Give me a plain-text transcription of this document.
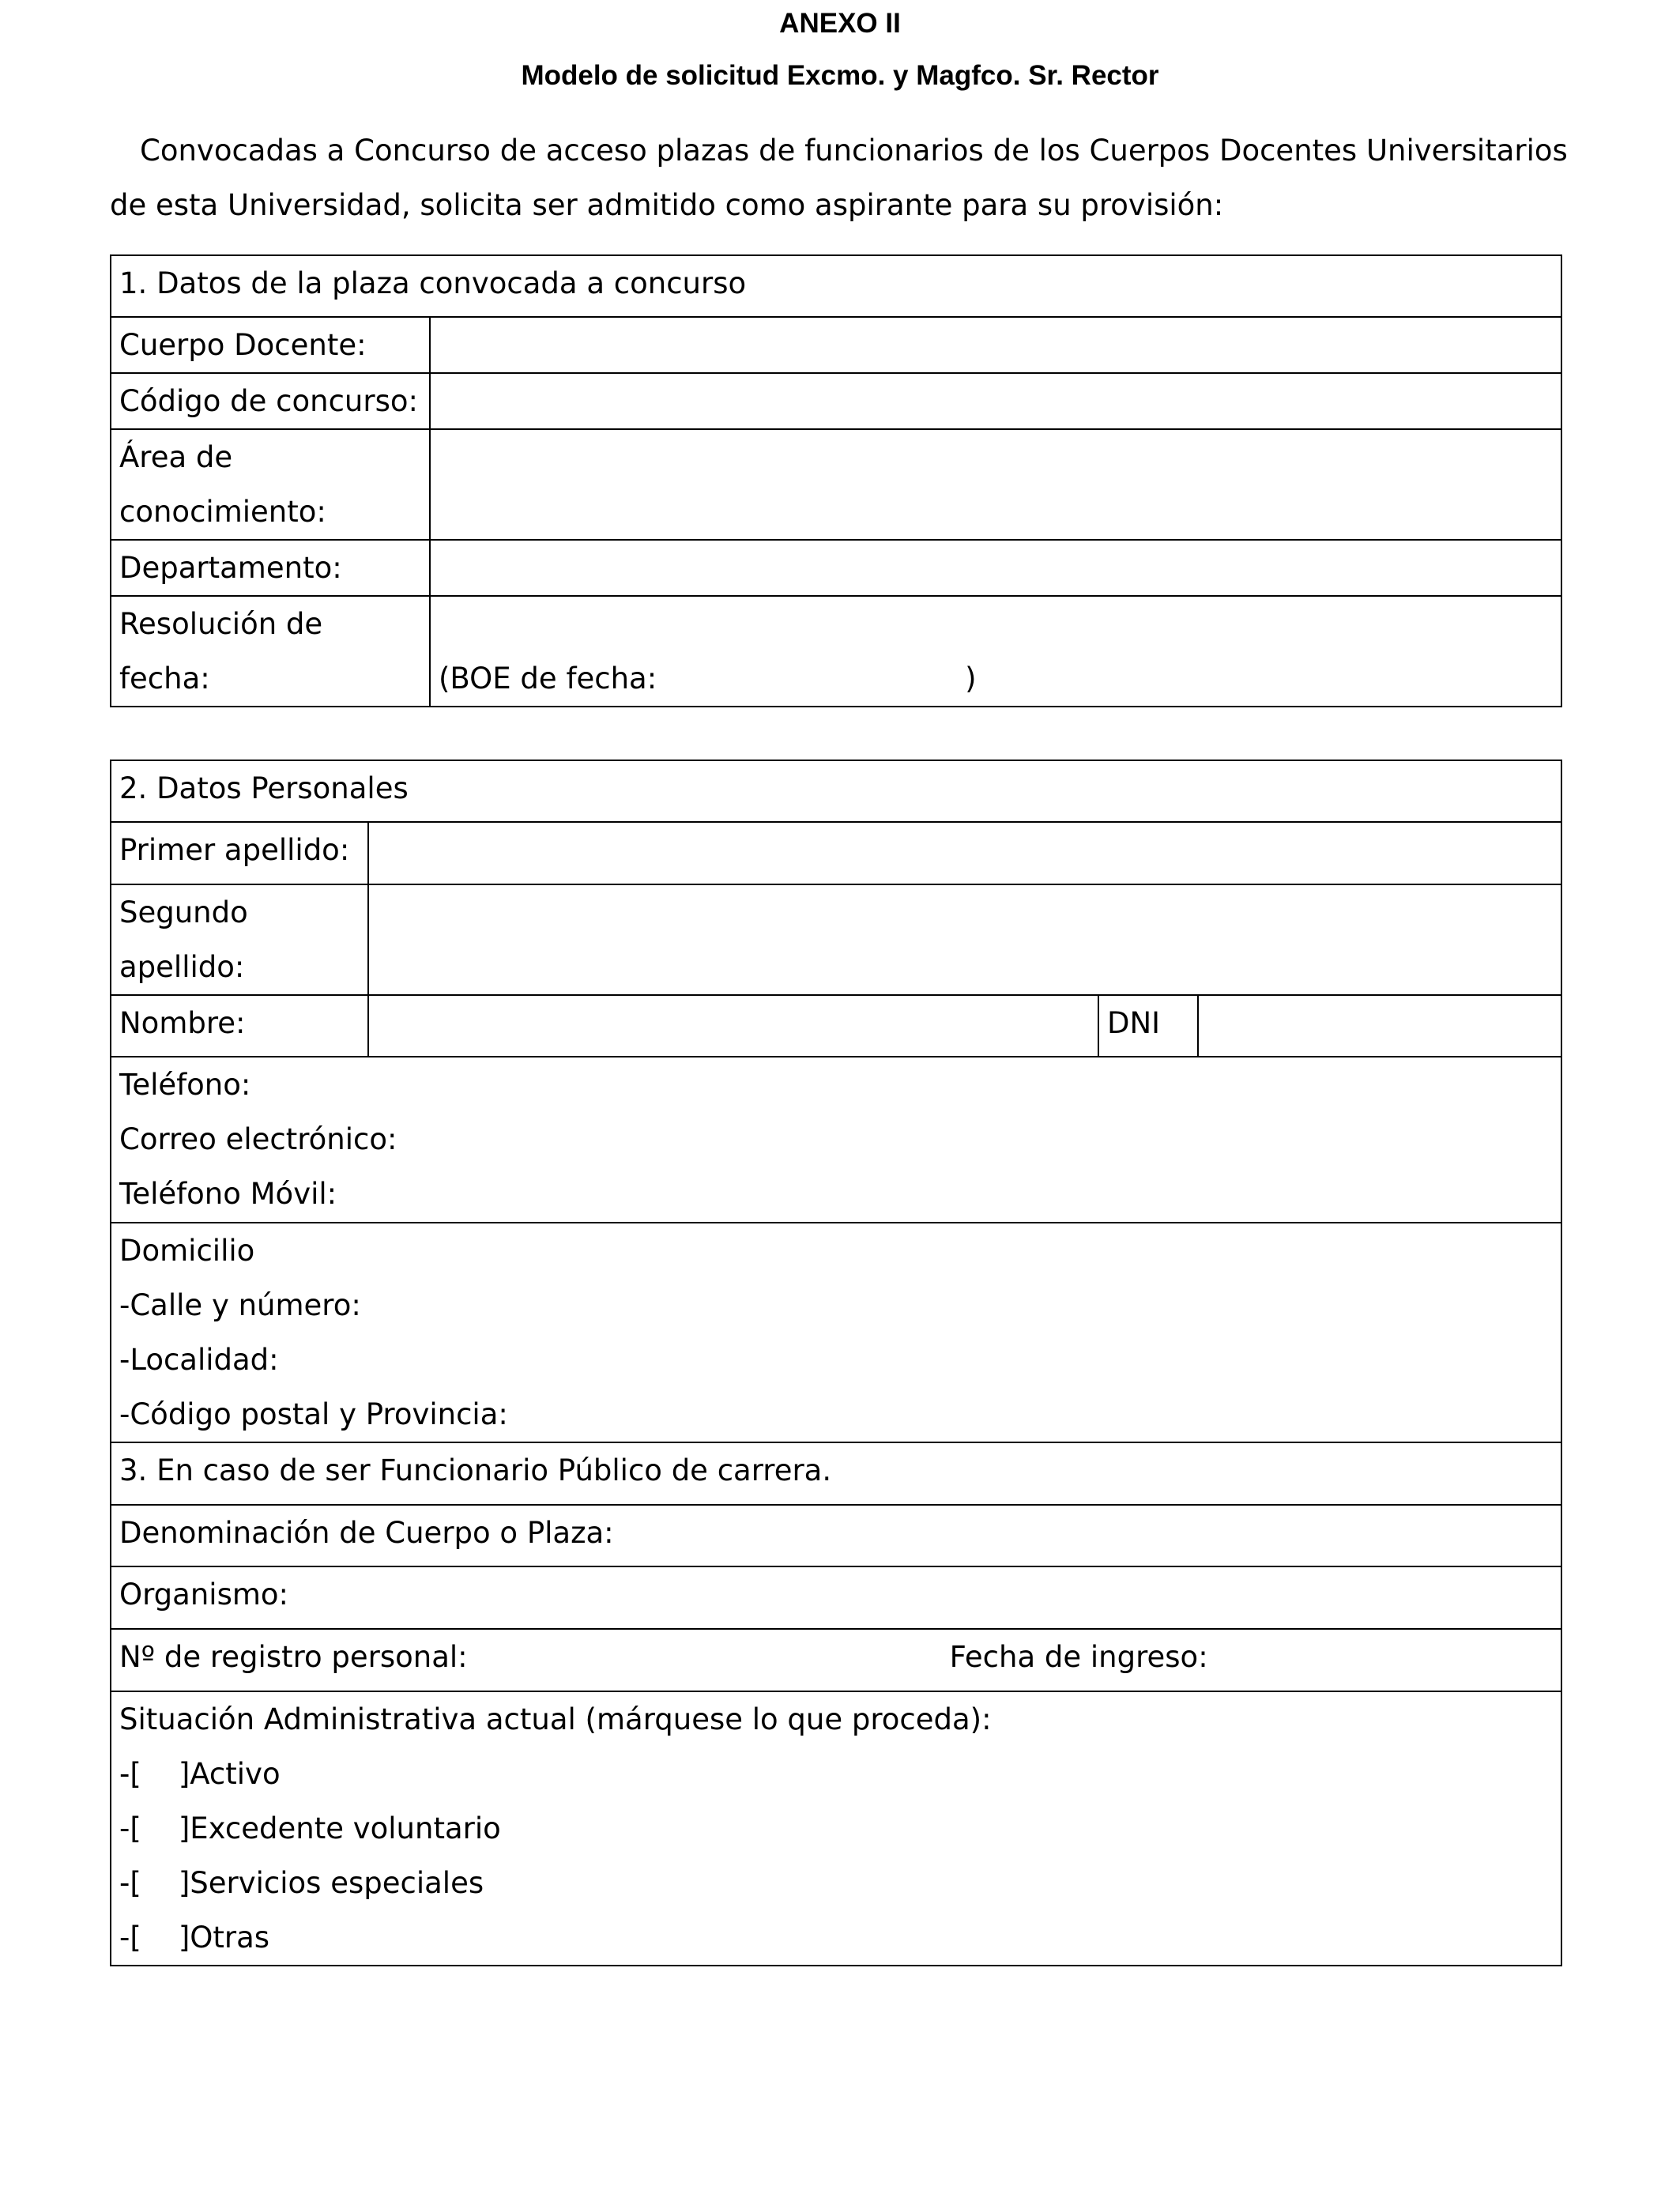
ANEXO II
Modelo de solicitud Excmo. y Magfco. Sr. Rector

Convocadas a Concurso de acceso plazas de funcionarios de los Cuerpos Docentes Universitarios
de esta Universidad, solicita ser admitido como aspirante para su provisión:

1. Datos de la plaza convocada a concurso	
Cuerpo Docente:	
Código de concurso:	

Área de
conocimiento:	

Departamento:	

Resolución de
fecha:	(BOE de fecha: )
2. Datos Personales			
Primer apellido:			

Segundo
apellido:			

Nombre:		DNI	

Teléfono:
Correo electrónico:
Teléfono Móvil:			

Domicilio
-Calle y número:
-Localidad:
-Código postal y Provincia:			

3. En caso de ser Funcionario Público de carrera.			
Denominación de Cuerpo o Plaza:			
Organismo:			
Nº de registro personal: Fecha de ingreso:			

Situación Administrativa actual (márquese lo que proceda):
-[    ]Activo
-[    ]Excedente voluntario
-[    ]Servicios especiales
-[    ]Otras			
